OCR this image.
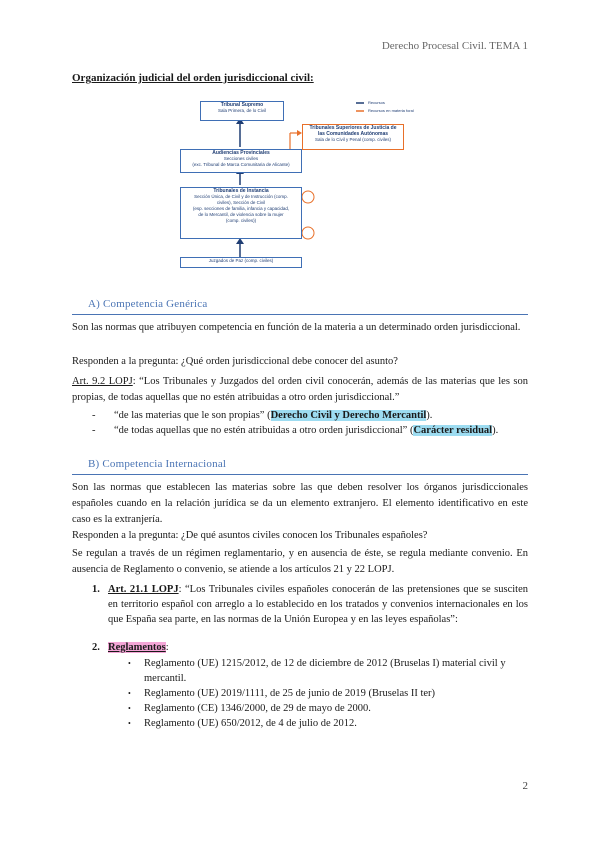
Derecho Procesal Civil. TEMA 1
Organización judicial del orden jurisdiccional civil:
Tribunal Supremo
Sala Primera, de lo Civil
Tribunales Superiores de Justicia de
las Comunidades Autónomas
Sala de lo Civil y Penal (comp. civiles)
Audiencias Provinciales
Secciones civiles
(exc. Tribunal de Marca Comunitaria de Alicante)
Tribunales de Instancia
Sección Única, de Civil y de Instrucción (comp.
civiles), Sección de Civil
(esp. secciones de familia, infancia y capacidad,
de lo Mercantil, de violencia sobre la mujer
(comp. civiles))
Juzgados de Paz (comp. civiles)
Recursos
Recursos en materia foral
A) Competencia Genérica
Son las normas que atribuyen competencia en función de la materia a un determinado orden jurisdiccional.
Responden a la pregunta: ¿Qué orden jurisdiccional debe conocer del asunto?
Art. 9.2 LOPJ: “Los Tribunales y Juzgados del orden civil conocerán, además de las materias que les son propias, de todas aquellas que no estén atribuidas a otro orden jurisdiccional.”
- “de las materias que le son propias” (Derecho Civil y Derecho Mercantil).
- “de todas aquellas que no estén atribuidas a otro orden jurisdiccional” (Carácter residual).
B) Competencia Internacional
Son las normas que establecen las materias sobre las que deben resolver los órganos jurisdiccionales españoles cuando en la relación jurídica se da un elemento extranjero. El elemento identificativo en este caso es la extranjería.
Responden a la pregunta: ¿De qué asuntos civiles conocen los Tribunales españoles?
Se regulan a través de un régimen reglamentario, y en ausencia de éste, se regula mediante convenio. En ausencia de Reglamento o convenio, se atiende a los artículos 21 y 22 LOPJ.
1. Art. 21.1 LOPJ: “Los Tribunales civiles españoles conocerán de las pretensiones que se susciten en territorio español con arreglo a lo establecido en los tratados y convenios internacionales en los que España sea parte, en las normas de la Unión Europea y en las leyes españolas”:
2. Reglamentos:
• Reglamento (UE) 1215/2012, de 12 de diciembre de 2012 (Bruselas I) material civil y mercantil.
• Reglamento (UE) 2019/1111, de 25 de junio de 2019 (Bruselas II ter)
• Reglamento (CE) 1346/2000, de 29 de mayo de 2000.
• Reglamento (UE) 650/2012, de 4 de julio de 2012.
2
